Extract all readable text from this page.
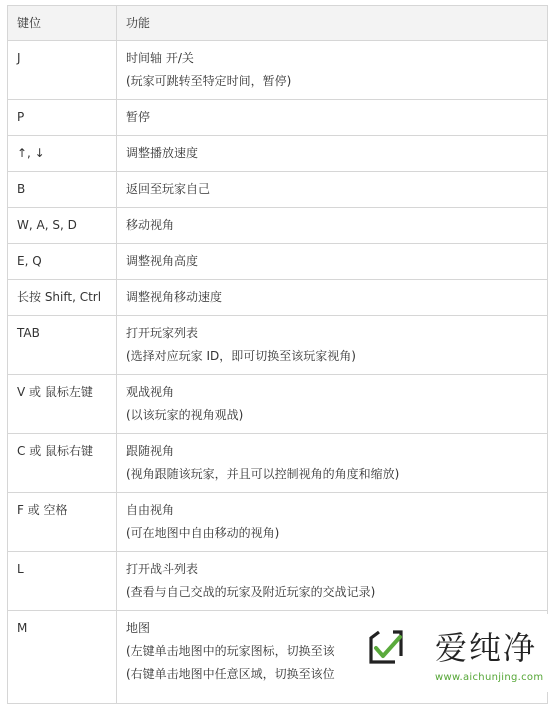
键位	功能
J	时间轴 开/关
(玩家可跳转至特定时间，暂停)

P	暂停

↑, ↓	调整播放速度

B	返回至玩家自己

W, A, S, D	移动视角

E, Q	调整视角高度

长按 Shift, Ctrl	调整视角移动速度

TAB	打开玩家列表
(选择对应玩家 ID，即可切换至该玩家视角)

V 或 鼠标左键	观战视角
(以该玩家的视角观战)

C 或 鼠标右键	跟随视角
(视角跟随该玩家，并且可以控制视角的角度和缩放)

F 或 空格	自由视角
(可在地图中自由移动的视角)

L	打开战斗列表
(查看与自己交战的玩家及附近玩家的交战记录)

M	地图
(左键单击地图中的玩家图标，切换至该
(右键单击地图中任意区域，切换至该位
爱纯净
www.aichunjing.com
